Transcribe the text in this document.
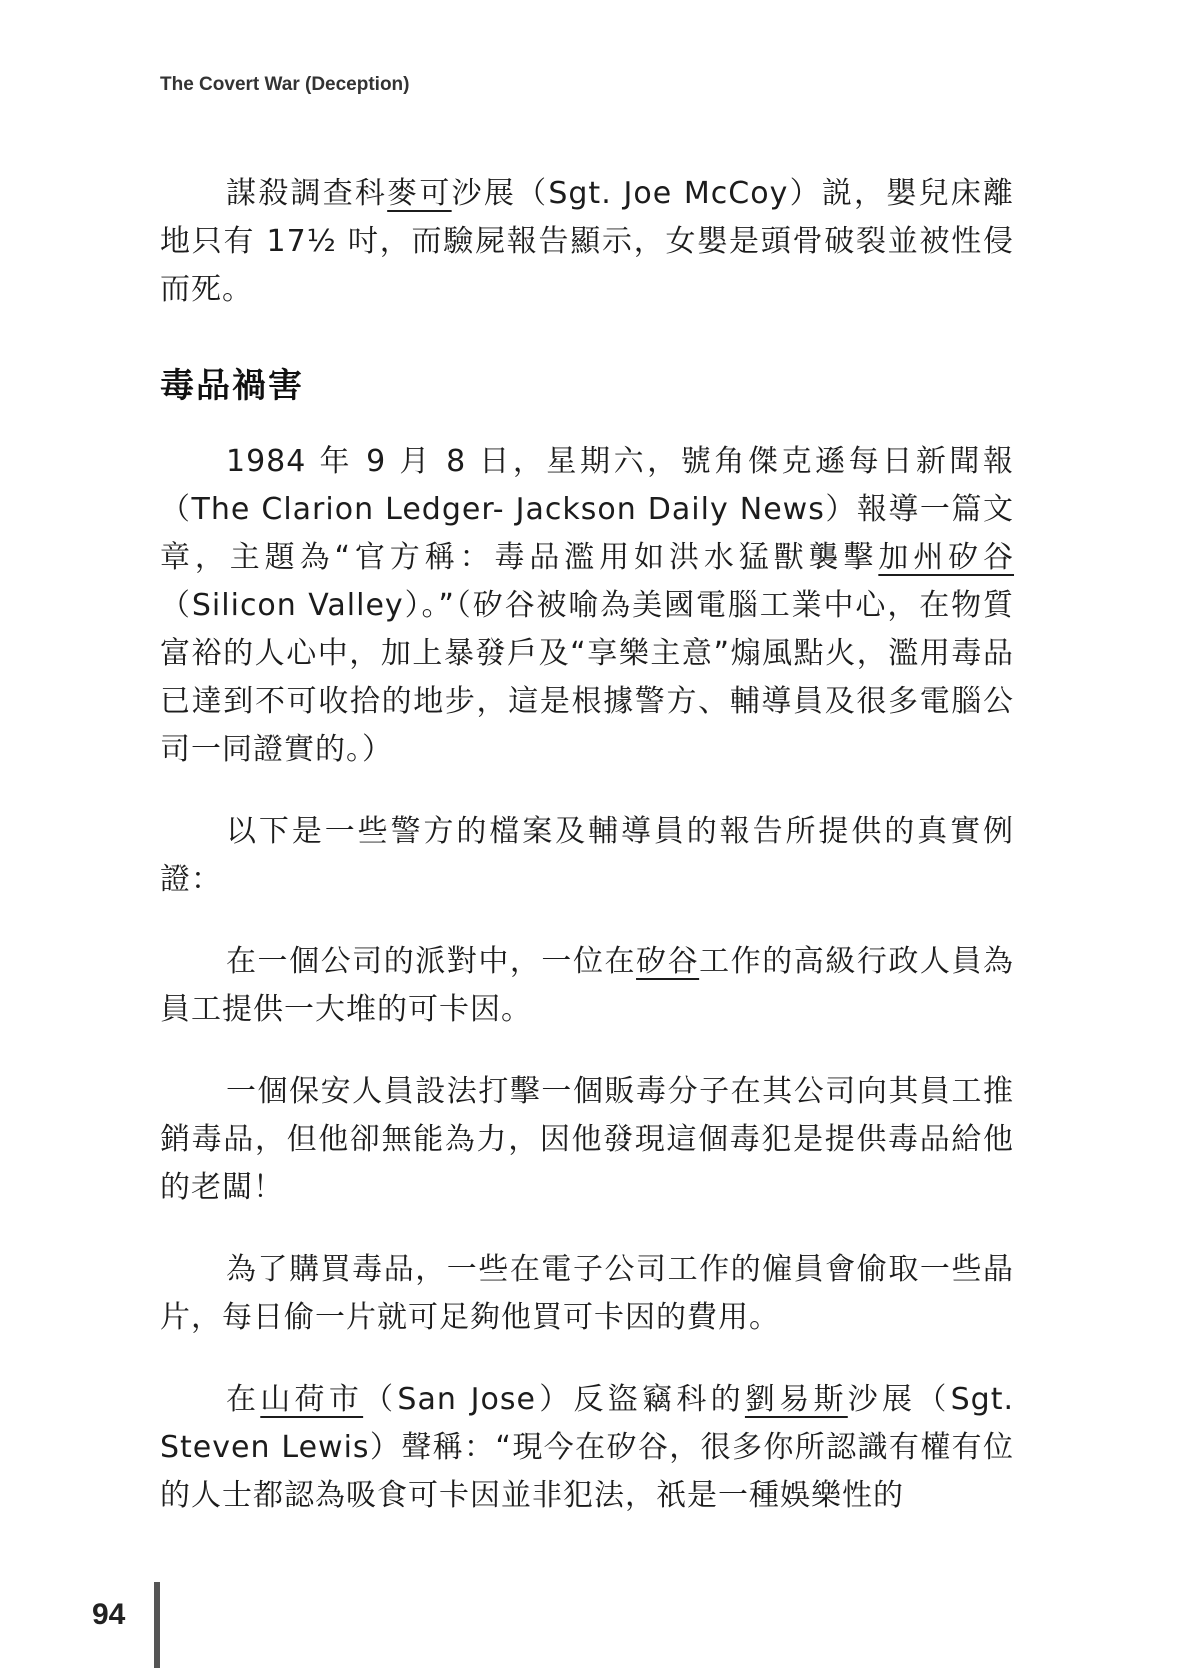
The Covert War (Deception)

謀殺調查科麥可沙展（Sgt. Joe McCoy）説，嬰兒床離地只有 17½ 吋，而驗屍報告顯示，女嬰是頭骨破裂並被性侵而死。

毒品禍害

1984 年 9 月 8 日，星期六，號角傑克遜每日新聞報（The Clarion Ledger- Jackson Daily News）報導一篇文章，主題為“官方稱：毒品濫用如洪水猛獸襲擊加州矽谷（Silicon Valley）。”（矽谷被喻為美國電腦工業中心，在物質富裕的人心中，加上暴發戶及“享樂主意”煽風點火，濫用毒品已達到不可收拾的地步，這是根據警方、輔導員及很多電腦公司一同證實的。）

以下是一些警方的檔案及輔導員的報告所提供的真實例證：

在一個公司的派對中，一位在矽谷工作的高級行政人員為員工提供一大堆的可卡因。

一個保安人員設法打擊一個販毒分子在其公司向其員工推銷毒品，但他卻無能為力，因他發現這個毒犯是提供毒品給他的老闆！

為了購買毒品，一些在電子公司工作的僱員會偷取一些晶片，每日偷一片就可足夠他買可卡因的費用。

在山荷市（San Jose）反盜竊科的劉易斯沙展（Sgt. Steven Lewis）聲稱：“現今在矽谷，很多你所認識有權有位的人士都認為吸食可卡因並非犯法，祇是一種娛樂性的

94
